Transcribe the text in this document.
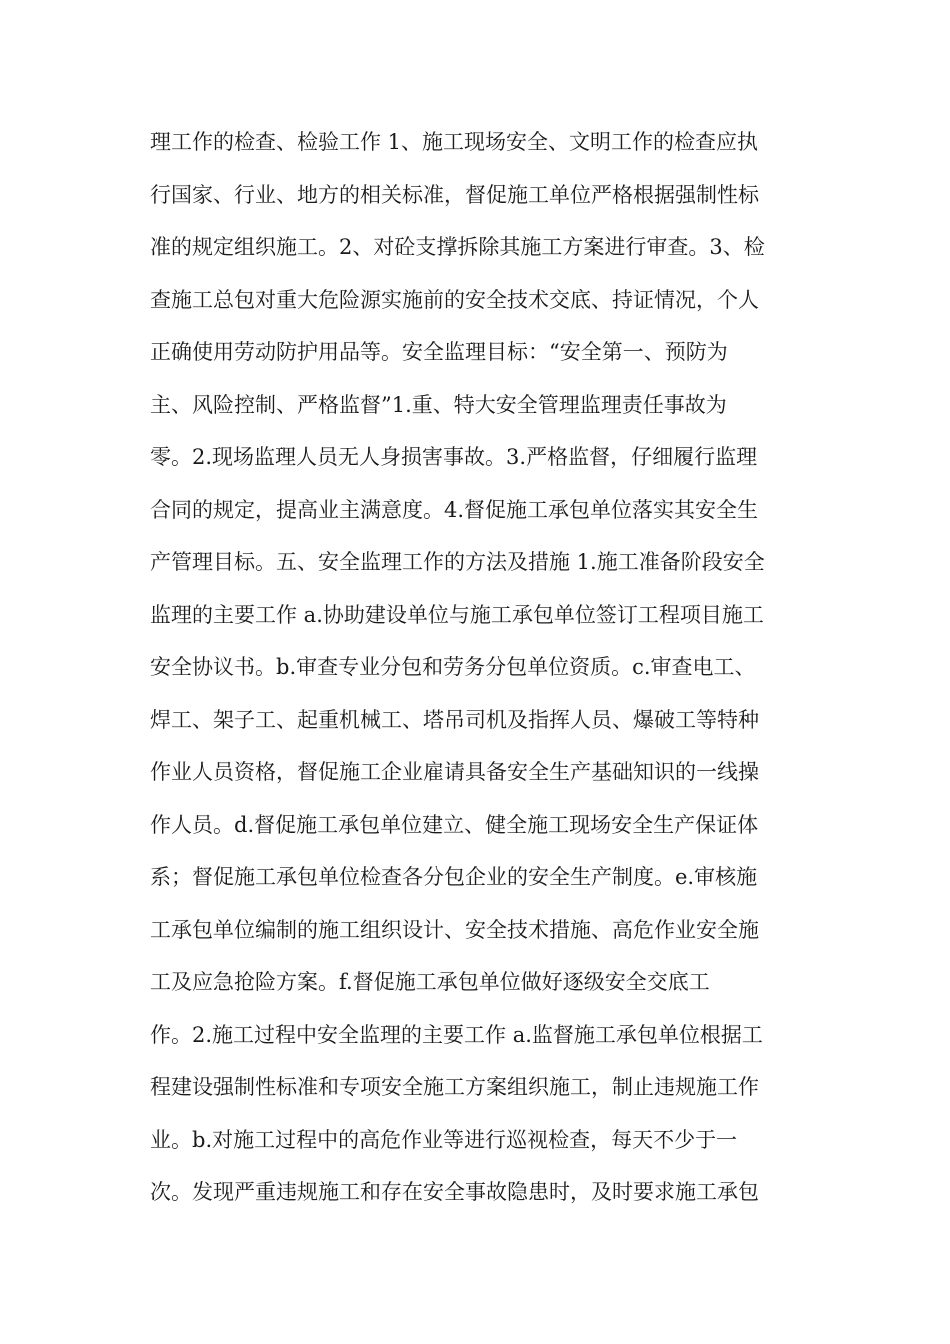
理工作的检查、检验工作 1、施工现场安全、文明工作的检查应执
行国家、行业、地方的相关标准，督促施工单位严格根据强制性标
准的规定组织施工。2、对砼支撑拆除其施工方案进行审查。3、检
查施工总包对重大危险源实施前的安全技术交底、持证情况，个人
正确使用劳动防护用品等。安全监理目标：“安全第一、预防为
主、风险控制、严格监督”1.重、特大安全管理监理责任事故为
零。2.现场监理人员无人身损害事故。3.严格监督，仔细履行监理
合同的规定，提高业主满意度。4.督促施工承包单位落实其安全生
产管理目标。五、安全监理工作的方法及措施 1.施工准备阶段安全
监理的主要工作 a.协助建设单位与施工承包单位签订工程项目施工
安全协议书。b.审查专业分包和劳务分包单位资质。c.审查电工、
焊工、架子工、起重机械工、塔吊司机及指挥人员、爆破工等特种
作业人员资格，督促施工企业雇请具备安全生产基础知识的一线操
作人员。d.督促施工承包单位建立、健全施工现场安全生产保证体
系；督促施工承包单位检查各分包企业的安全生产制度。e.审核施
工承包单位编制的施工组织设计、安全技术措施、高危作业安全施
工及应急抢险方案。f.督促施工承包单位做好逐级安全交底工
作。2.施工过程中安全监理的主要工作 a.监督施工承包单位根据工
程建设强制性标准和专项安全施工方案组织施工，制止违规施工作
业。b.对施工过程中的高危作业等进行巡视检查，每天不少于一
次。发现严重违规施工和存在安全事故隐患时，及时要求施工承包
